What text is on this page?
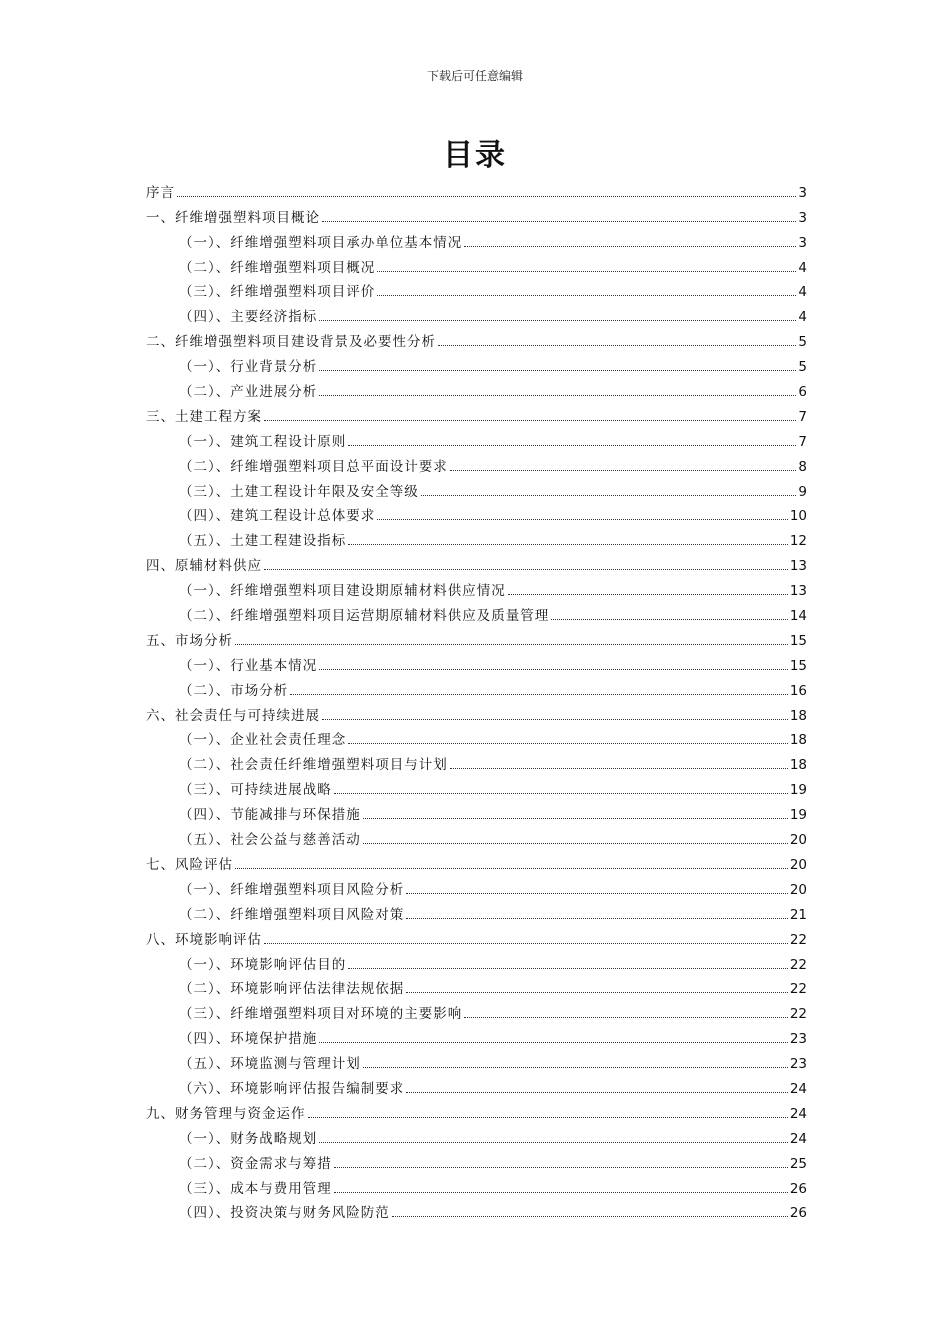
下载后可任意编辑
目录
序言	3
一、纤维增强塑料项目概论	3
（一）、纤维增强塑料项目承办单位基本情况	3
（二）、纤维增强塑料项目概况	4
（三）、纤维增强塑料项目评价	4
（四）、主要经济指标	4
二、纤维增强塑料项目建设背景及必要性分析	5
（一）、行业背景分析	5
（二）、产业进展分析	6
三、土建工程方案	7
（一）、建筑工程设计原则	7
（二）、纤维增强塑料项目总平面设计要求	8
（三）、土建工程设计年限及安全等级	9
（四）、建筑工程设计总体要求	10
（五）、土建工程建设指标	12
四、原辅材料供应	13
（一）、纤维增强塑料项目建设期原辅材料供应情况	13
（二）、纤维增强塑料项目运营期原辅材料供应及质量管理	14
五、市场分析	15
（一）、行业基本情况	15
（二）、市场分析	16
六、社会责任与可持续进展	18
（一）、企业社会责任理念	18
（二）、社会责任纤维增强塑料项目与计划	18
（三）、可持续进展战略	19
（四）、节能减排与环保措施	19
（五）、社会公益与慈善活动	20
七、风险评估	20
（一）、纤维增强塑料项目风险分析	20
（二）、纤维增强塑料项目风险对策	21
八、环境影响评估	22
（一）、环境影响评估目的	22
（二）、环境影响评估法律法规依据	22
（三）、纤维增强塑料项目对环境的主要影响	22
（四）、环境保护措施	23
（五）、环境监测与管理计划	23
（六）、环境影响评估报告编制要求	24
九、财务管理与资金运作	24
（一）、财务战略规划	24
（二）、资金需求与筹措	25
（三）、成本与费用管理	26
（四）、投资决策与财务风险防范	26
